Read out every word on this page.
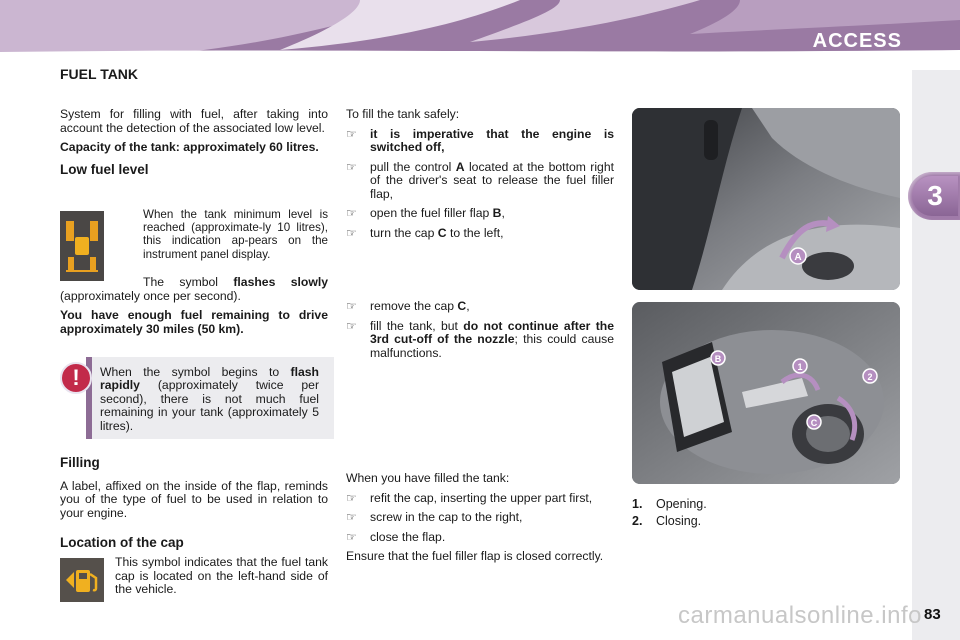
ACCESS
3
FUEL TANK

System for filling with fuel, after taking into account the detection of the associated low level.

Capacity of the tank: approximately 60 litres.

Low fuel level

When the tank minimum level is reached (approximate-ly 10 litres), this indication ap-pears on the instrument panel display.

The symbol flashes slowly (approximately once per second).

You have enough fuel remaining to drive approximately 30 miles (50 km).

!	When the symbol begins to flash rapidly (approximately twice per second), there is not much fuel remaining in your tank (approximately 5 litres).
Filling

A label, affixed on the inside of the flap, reminds you of the type of fuel to be used in relation to your engine.

Location of the cap

This symbol indicates that the fuel tank cap is located on the left-hand side of the vehicle.

To fill the tank safely:

☞ it is imperative that the engine is switched off,
☞ pull the control A located at the bottom right of the driver's seat to release the fuel filler flap,
☞ open the fuel filler flap B,
☞ turn the cap C to the left,
☞ remove the cap C,
☞ fill the tank, but do not continue after the 3rd cut-off of the nozzle; this could cause malfunctions.

When you have filled the tank:

☞ refit the cap, inserting the upper part first,
☞ screw in the cap to the right,
☞ close the flap.

Ensure that the fuel filler flap is closed correctly.

A
B
1
2
C
1. Opening.
2. Closing.
carmanualsonline.info 83
